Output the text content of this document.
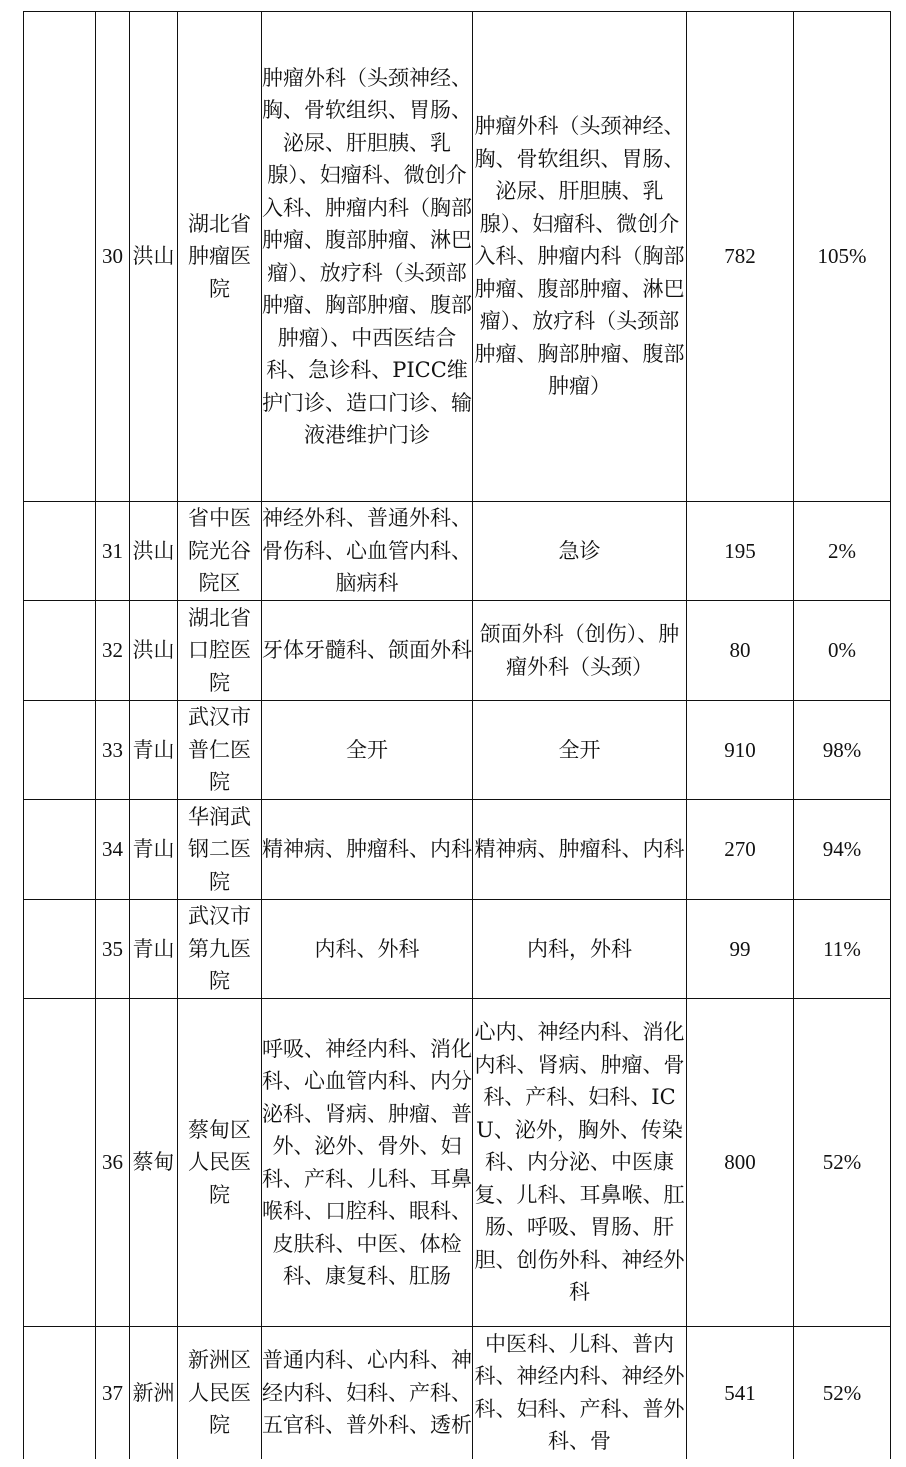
	30	洪山	湖北省肿瘤医院	肿瘤外科（头颈神经、胸、骨软组织、胃肠、泌尿、肝胆胰、乳腺）、妇瘤科、微创介入科、肿瘤内科（胸部肿瘤、腹部肿瘤、淋巴瘤）、放疗科（头颈部肿瘤、胸部肿瘤、腹部肿瘤）、中西医结合科、急诊科、PICC维护门诊、造口门诊、输液港维护门诊	肿瘤外科（头颈神经、胸、骨软组织、胃肠、泌尿、肝胆胰、乳腺）、妇瘤科、微创介入科、肿瘤内科（胸部肿瘤、腹部肿瘤、淋巴瘤）、放疗科（头颈部肿瘤、胸部肿瘤、腹部肿瘤）	782	105%
	31	洪山	省中医院光谷院区	神经外科、普通外科、骨伤科、心血管内科、脑病科	急诊	195	2%
	32	洪山	湖北省口腔医院	牙体牙髓科、颌面外科	颌面外科（创伤）、肿瘤外科（头颈）	80	0%
	33	青山	武汉市普仁医院	全开	全开	910	98%
	34	青山	华润武钢二医院	精神病、肿瘤科、内科	精神病、肿瘤科、内科	270	94%
	35	青山	武汉市第九医院	内科、外科	内科，外科	99	11%
	36	蔡甸	蔡甸区人民医院	呼吸、神经内科、消化科、心血管内科、内分泌科、肾病、肿瘤、普外、泌外、骨外、妇科、产科、儿科、耳鼻喉科、口腔科、眼科、皮肤科、中医、体检科、康复科、肛肠	心内、神经内科、消化内科、肾病、肿瘤、骨科、产科、妇科、ICU、泌外，胸外、传染科、内分泌、中医康复、儿科、耳鼻喉、肛肠、呼吸、胃肠、肝胆、创伤外科、神经外科	800	52%
	37	新洲	新洲区人民医院	普通内科、心内科、神经内科、妇科、产科、五官科、普外科、透析	中医科、儿科、普内科、神经内科、神经外科、妇科、产科、普外科、骨	541	52%
